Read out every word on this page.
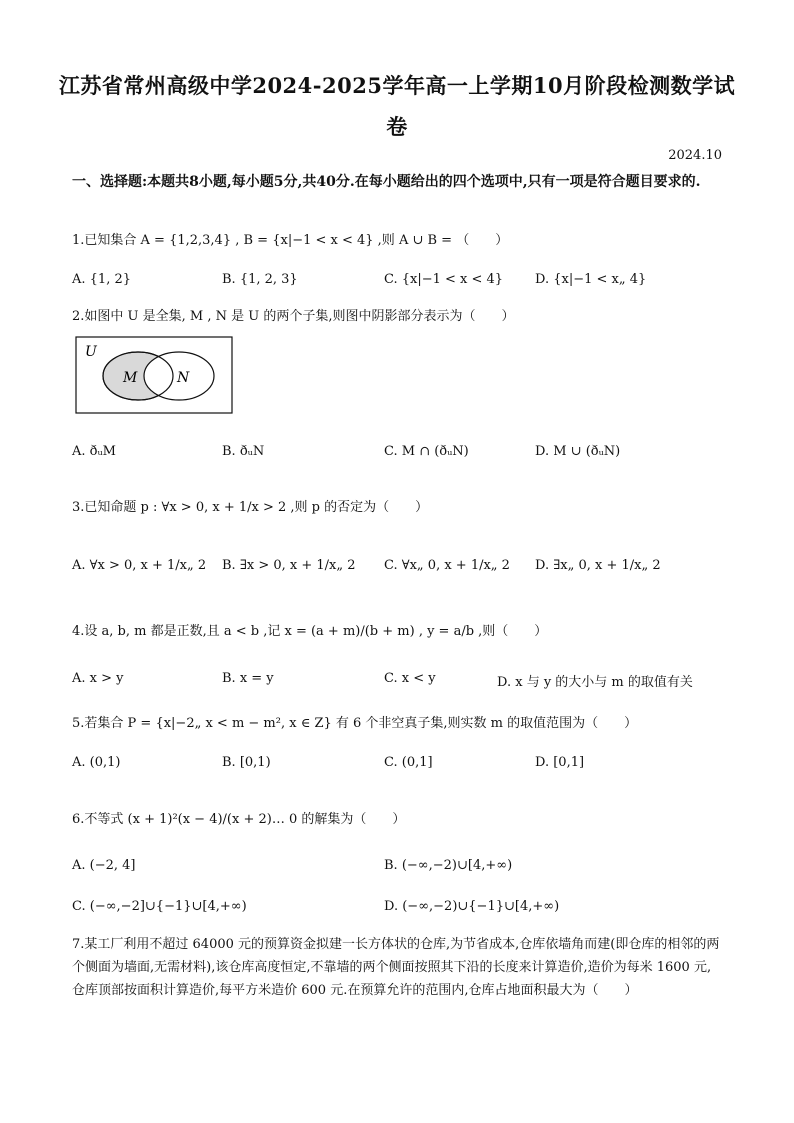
江苏省常州高级中学2024-2025学年高一上学期10月阶段检测数学试
卷
2024.10
一、选择题:本题共8小题,每小题5分,共40分.在每小题给出的四个选项中,只有一项是符合题目要求的.
1.已知集合 A = {1,2,3,4} , B = {x|−1 < x < 4} ,则 A ∪ B = （　　）
A. {1, 2}	B. {1, 2, 3}	C. {x|−1 < x < 4} D. {x|−1 < x„ 4}
2.如图中 U 是全集, M , N 是 U 的两个子集,则图中阴影部分表示为（　　）
U
M	N
A. ðᵤM	B. ðᵤN	C. M ∩ (ðᵤN)	D. M ∪ (ðᵤN)
3.已知命题 p : ∀x > 0, x + 1/x > 2 ,则 p 的否定为（　　）
A. ∀x > 0, x + 1/x„ 2 B. ∃x > 0, x + 1/x„ 2 C. ∀x„ 0, x + 1/x„ 2 D. ∃x„ 0, x + 1/x„ 2
4.设 a, b, m 都是正数,且 a < b ,记 x = (a + m)/(b + m) , y = a/b ,则（　　）
A. x > y	B. x = y	C. x < y	D. x 与 y 的大小与 m 的取值有关
5.若集合 P = {x|−2„ x < m − m², x ∈ Z} 有 6 个非空真子集,则实数 m 的取值范围为（　　）
A. (0,1)	B. [0,1)	C. (0,1]	D. [0,1]
6.不等式 (x + 1)²(x − 4)/(x + 2)… 0 的解集为（　　）
A. (−2, 4]	B. (−∞,−2)∪[4,+∞)
C. (−∞,−2]∪{−1}∪[4,+∞)	D. (−∞,−2)∪{−1}∪[4,+∞)
7.某工厂利用不超过 64000 元的预算资金拟建一长方体状的仓库,为节省成本,仓库依墙角而建(即仓库的相邻的两个侧面为墙面,无需材料),该仓库高度恒定,不靠墙的两个侧面按照其下沿的长度来计算造价,造价为每米 1600 元,仓库顶部按面积计算造价,每平方米造价 600 元.在预算允许的范围内,仓库占地面积最大为（　　）
